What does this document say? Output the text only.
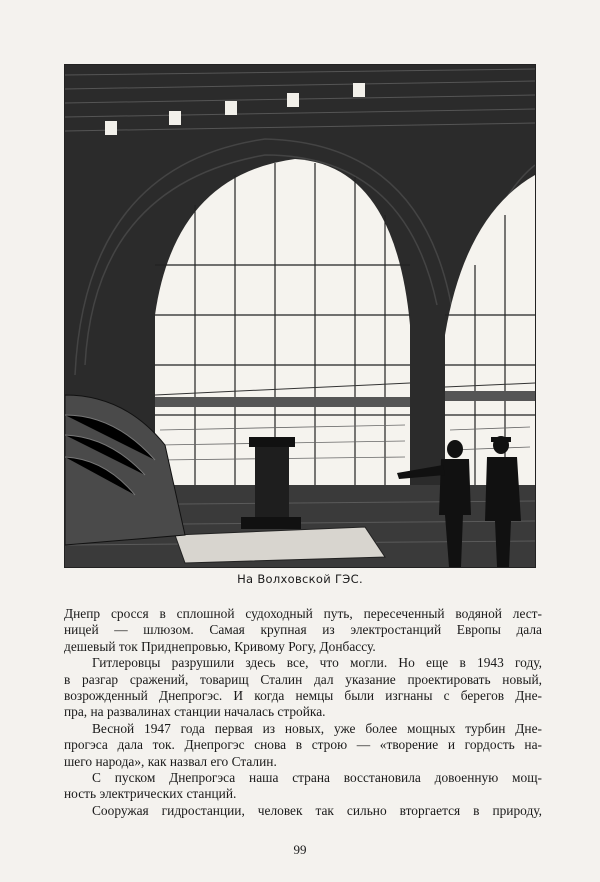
На Волховской ГЭС.

Днепр сросся в сплошной судоходный путь, пересеченный водяной лест-
ницей — шлюзом. Самая крупная из электростанций Европы дала
дешевый ток Приднепровью, Кривому Рогу, Донбассу.

Гитлеровцы разрушили здесь все, что могли. Но еще в 1943 году,
в разгар сражений, товарищ Сталин дал указание проектировать новый,
возрожденный Днепрогэс. И когда немцы были изгнаны с берегов Дне-
пра, на развалинах станции началась стройка.

Весной 1947 года первая из новых, уже более мощных турбин Дне-
прогэса дала ток. Днепрогэс снова в строю — «творение и гордость на-
шего народа», как назвал его Сталин.

С пуском Днепрогэса наша страна восстановила довоенную мощ-
ность электрических станций.

Сооружая гидростанции, человек так сильно вторгается в природу,

99
